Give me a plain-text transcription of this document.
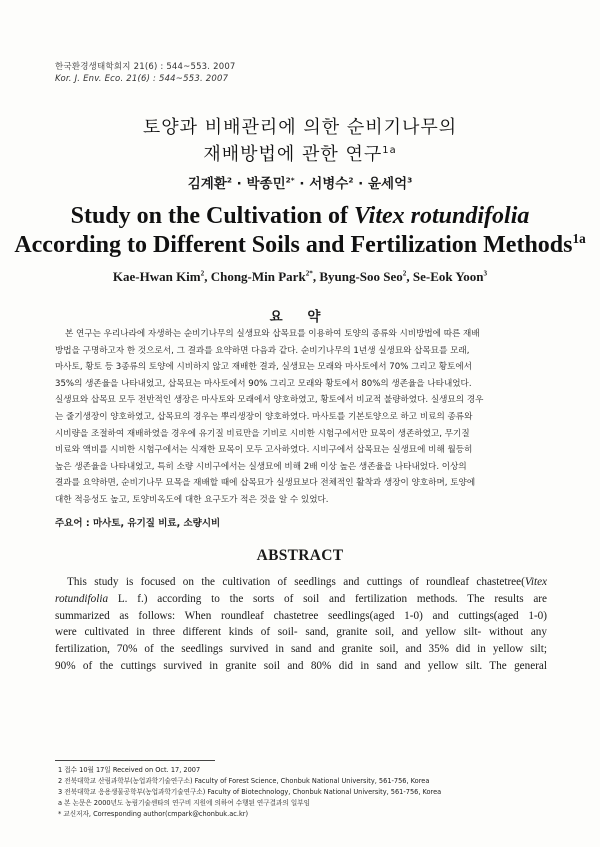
한국환경생태학회지 21(6) : 544~553. 2007
Kor. J. Env. Eco. 21(6) : 544~553. 2007
토양과 비배관리에 의한 순비기나무의
재배방법에 관한 연구$^{1a}$
김계환$^2$ · 박종민$^{2*}$ · 서병수$^2$ · 윤세억$^3$
Study on the Cultivation of Vitex rotundifolia
According to Different Soils and Fertilization Methods$^{1a}$
Kae-Hwan Kim$^2$, Chong-Min Park$^{2*}$, Byung-Soo Seo$^2$, Se-Eok Yoon$^3$
요 약
본 연구는 우리나라에 자생하는 순비기나무의 실생묘와 삽목묘를 이용하여 토양의 종류와 시비방법에 따른 재배
방법을 구명하고자 한 것으로서, 그 결과를 요약하면 다음과 같다. 순비기나무의 1년생 실생묘와 삽목묘를 모래,
마사토, 황토 등 3종류의 토양에 시비하지 않고 재배한 결과, 실생묘는 모래와 마사토에서 70% 그리고 황토에서
35%의 생존율을 나타내었고, 삽목묘는 마사토에서 90% 그리고 모래와 황토에서 80%의 생존율을 나타내었다.
실생묘와 삽목묘 모두 전반적인 생장은 마사토와 모래에서 양호하였고, 황토에서 비교적 불량하였다. 실생묘의 경우
는 줄기생장이 양호하였고, 삽목묘의 경우는 뿌리생장이 양호하였다. 마사토를 기본토양으로 하고 비료의 종류와
시비량을 조절하여 재배하였을 경우에 유기질 비료만을 기비로 시비한 시험구에서만 묘목이 생존하였고, 무기질
비료와 액비를 시비한 시험구에서는 식재한 묘목이 모두 고사하였다. 시비구에서 삽목묘는 실생묘에 비해 월등히
높은 생존율을 나타내었고, 특히 소량 시비구에서는 실생묘에 비해 2배 이상 높은 생존율을 나타내었다. 이상의
결과를 요약하면, 순비기나무 묘목을 재배할 때에 삽목묘가 실생묘보다 전체적인 활착과 생장이 양호하며, 토양에
대한 적응성도 높고, 토양비옥도에 대한 요구도가 적은 것을 알 수 있었다.
주요어 : 마사토, 유기질 비료, 소량시비
ABSTRACT
This study is focused on the cultivation of seedlings and cuttings of roundleaf chastetree(Vitex
rotundifolia L. f.) according to the sorts of soil and fertilization methods. The results are
summarized as follows: When roundleaf chastetree seedlings(aged 1-0) and cuttings(aged 1-0)
were cultivated in three different kinds of soil- sand, granite soil, and yellow silt- without any
fertilization, 70% of the seedlings survived in sand and granite soil, and 35% did in yellow silt;
90% of the cuttings survived in granite soil and 80% did in sand and yellow silt. The general
1 접수 10월 17일 Received on Oct. 17, 2007
2 전북대학교 산림과학부(농업과학기술연구소) Faculty of Forest Science, Chonbuk National University, 561-756, Korea
3 전북대학교 응용생물공학부(농업과학기술연구소) Faculty of Biotechnology, Chonbuk National University, 561-756, Korea
a 본 논문은 2000년도 농림기술센타의 연구비 지원에 의하여 수행된 연구결과의 일부임
* 교신저자, Corresponding author(cmpark@chonbuk.ac.kr)
